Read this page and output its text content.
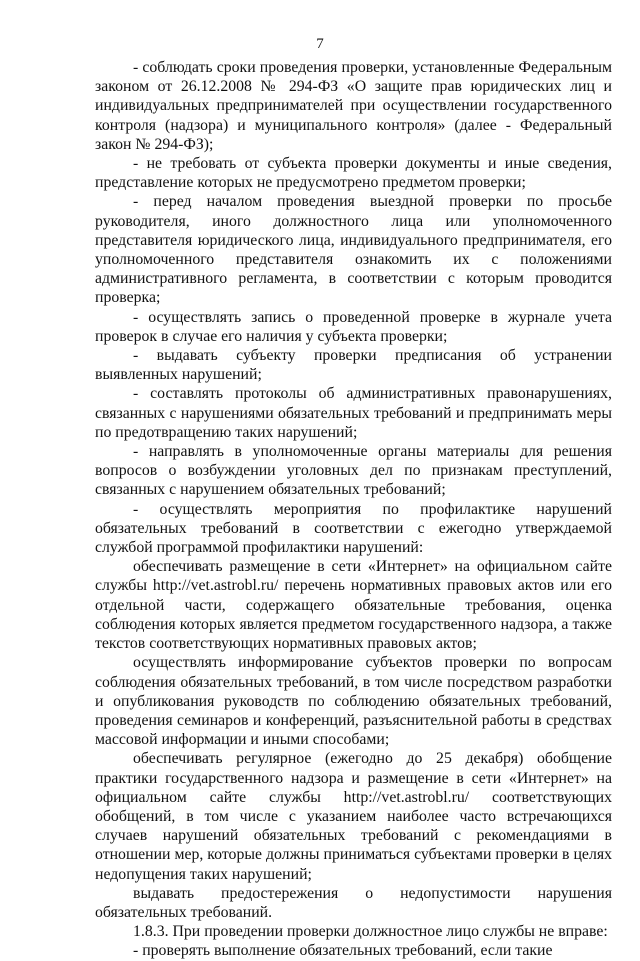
7

- соблюдать сроки проведения проверки, установленные Федеральным законом от 26.12.2008 № 294-ФЗ «О защите прав юридических лиц и индивидуальных предпринимателей при осуществлении государственного контроля (надзора) и муниципального контроля» (далее - Федеральный закон № 294-ФЗ);

- не требовать от субъекта проверки документы и иные сведения, представление которых не предусмотрено предметом проверки;

- перед началом проведения выездной проверки по просьбе руководителя, иного должностного лица или уполномоченного представителя юридического лица, индивидуального предпринимателя, его уполномоченного представителя ознакомить их с положениями административного регламента, в соответствии с которым проводится проверка;

- осуществлять запись о проведенной проверке в журнале учета проверок в случае его наличия у субъекта проверки;

- выдавать субъекту проверки предписания об устранении выявленных нарушений;

- составлять протоколы об административных правонарушениях, связанных с нарушениями обязательных требований и предпринимать меры по предотвращению таких нарушений;

- направлять в уполномоченные органы материалы для решения вопросов о возбуждении уголовных дел по признакам преступлений, связанных с нарушением обязательных требований;

- осуществлять мероприятия по профилактике нарушений обязательных требований в соответствии с ежегодно утверждаемой службой программой профилактики нарушений:

обеспечивать размещение в сети «Интернет» на официальном сайте службы http://vet.astrobl.ru/ перечень нормативных правовых актов или его отдельной части, содержащего обязательные требования, оценка соблюдения которых является предметом государственного надзора, а также текстов соответствующих нормативных правовых актов;

осуществлять информирование субъектов проверки по вопросам соблюдения обязательных требований, в том числе посредством разработки и опубликования руководств по соблюдению обязательных требований, проведения семинаров и конференций, разъяснительной работы в средствах массовой информации и иными способами;

обеспечивать регулярное (ежегодно до 25 декабря) обобщение практики государственного надзора и размещение в сети «Интернет» на официальном сайте службы http://vet.astrobl.ru/ соответствующих обобщений, в том числе с указанием наиболее часто встречающихся случаев нарушений обязательных требований с рекомендациями в отношении мер, которые должны приниматься субъектами проверки в целях недопущения таких нарушений;

выдавать предостережения о недопустимости нарушения обязательных требований.

1.8.3. При проведении проверки должностное лицо службы не вправе:

- проверять выполнение обязательных требований, если такие
